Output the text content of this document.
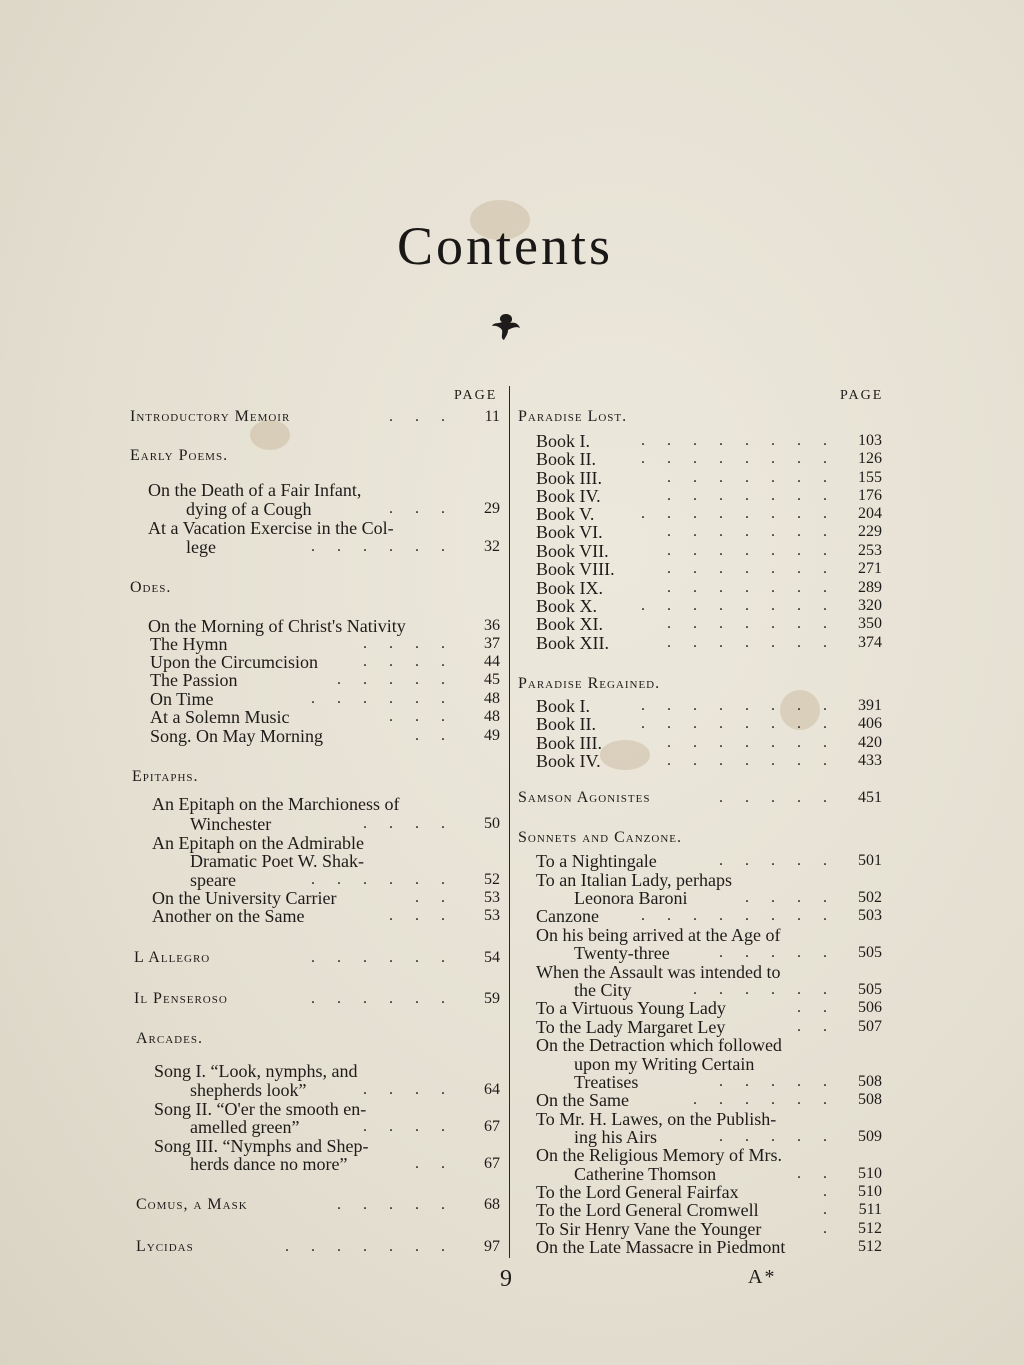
Contents
PAGE	PAGE
Introductory Memoir	. . .	11
Early Poems.
On the Death of a Fair Infant,
dying of a Cough	. . .	29
At a Vacation Exercise in the Col-
lege	. . . . . .	32
Odes.
On the Morning of Christ's Nativity	36
The Hymn	. . . .	37
Upon the Circumcision	. . . .	44
The Passion	. . . . .	45
On Time	. . . . . .	48
At a Solemn Music	. . .	48
Song. On May Morning	. .	49
Epitaphs.
An Epitaph on the Marchioness of
Winchester	. . . .	50
An Epitaph on the Admirable
Dramatic Poet W. Shak-
speare	. . . . . .	52
On the University Carrier	. .	53
Another on the Same	. . .	53
L Allegro	. . . . . .	54
Il Penseroso	. . . . . .	59
Arcades.
Song I. “Look, nymphs, and
shepherds look”	. . . .	64
Song II. “O'er the smooth en-
amelled green”	. . . .	67
Song III. “Nymphs and Shep-
herds dance no more”	. .	67
Comus, a Mask	. . . . .	68
Lycidas	. . . . . . .	97
Paradise Lost.
Book I.	. . . . . . . .	103
Book II.	. . . . . . . .	126
Book III.	. . . . . . .	155
Book IV.	. . . . . . .	176
Book V.	. . . . . . . .	204
Book VI.	. . . . . . .	229
Book VII.	. . . . . . .	253
Book VIII.	. . . . . . .	271
Book IX.	. . . . . . .	289
Book X.	. . . . . . . .	320
Book XI.	. . . . . . .	350
Book XII.	. . . . . . .	374
Paradise Regained.
Book I.	. . . . . . . .	391
Book II.	. . . . . . . .	406
Book III.	. . . . . . .	420
Book IV.	. . . . . . .	433
Samson Agonistes	. . . . .	451
Sonnets and Canzone.
To a Nightingale	. . . . .	501
To an Italian Lady, perhaps
Leonora Baroni	. . . .	502
Canzone	. . . . . . . .	503
On his being arrived at the Age of
Twenty-three	. . . . .	505
When the Assault was intended to
the City	. . . . . .	505
To a Virtuous Young Lady	. .	506
To the Lady Margaret Ley	. .	507
On the Detraction which followed
upon my Writing Certain
Treatises	. . . . .	508
On the Same	. . . . . .	508
To Mr. H. Lawes, on the Publish-
ing his Airs	. . . . .	509
On the Religious Memory of Mrs.
Catherine Thomson	. .	510
To the Lord General Fairfax	.	510
To the Lord General Cromwell	.	511
To Sir Henry Vane the Younger	.	512
On the Late Massacre in Piedmont	512
9	A*
